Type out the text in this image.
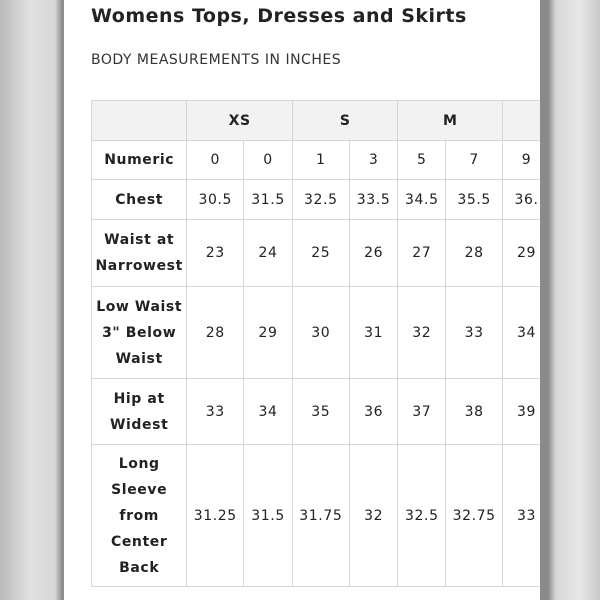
Womens Tops, Dresses and Skirts
BODY MEASUREMENTS IN INCHES
	XS		S		M		
Numeric	0	0	1	3	5	7	9
Chest	30.5	31.5	32.5	33.5	34.5	35.5	36.
Waist at Narrowest	23	24	25	26	27	28	29
Low Waist 3" Below Waist	28	29	30	31	32	33	34
Hip at Widest	33	34	35	36	37	38	39
Long Sleeve from Center Back	31.25	31.5	31.75	32	32.5	32.75	33
